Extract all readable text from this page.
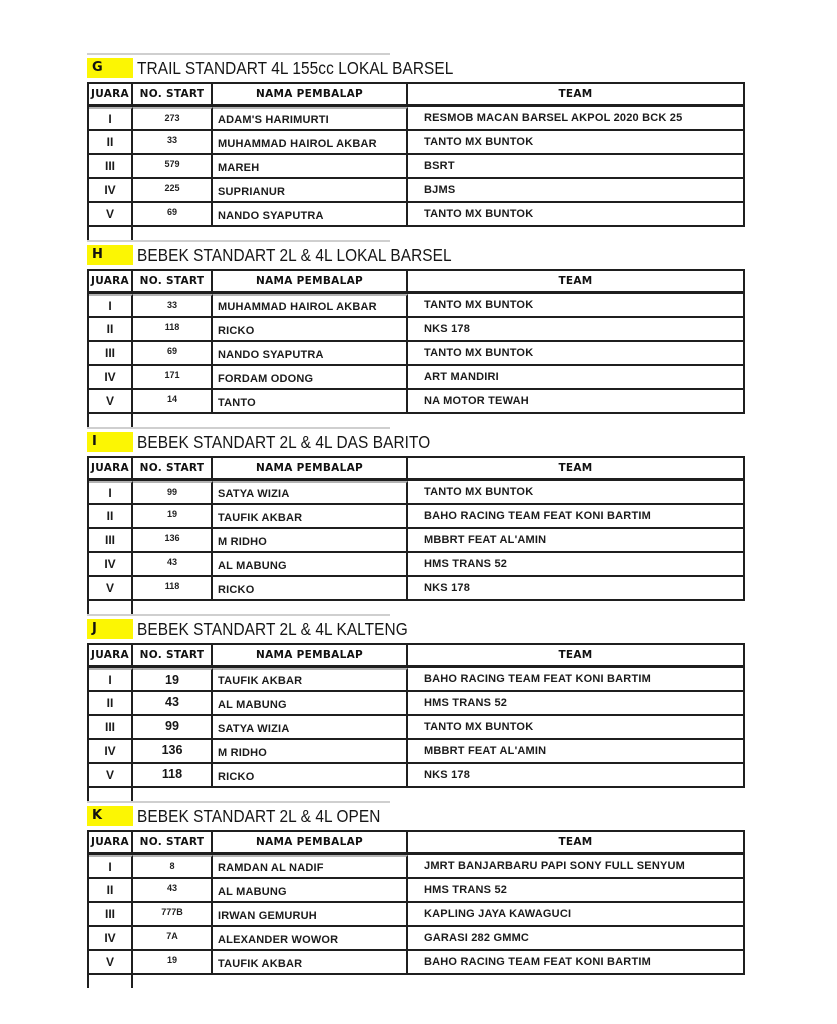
G	TRAIL STANDART 4L 155cc LOKAL BARSEL
JUARA	NO. START	NAMA PEMBALAP	TEAM
I	273	ADAM'S HARIMURTI	RESMOB MACAN BARSEL AKPOL 2020 BCK 25
II	33	MUHAMMAD HAIROL AKBAR	TANTO MX BUNTOK
III	579	MAREH	BSRT
IV	225	SUPRIANUR	BJMS
V	69	NANDO SYAPUTRA	TANTO MX BUNTOK
H	BEBEK STANDART 2L & 4L LOKAL BARSEL
JUARA	NO. START	NAMA PEMBALAP	TEAM
I	33	MUHAMMAD HAIROL AKBAR	TANTO MX BUNTOK
II	118	RICKO	NKS 178
III	69	NANDO SYAPUTRA	TANTO MX BUNTOK
IV	171	FORDAM ODONG	ART MANDIRI
V	14	TANTO	NA MOTOR TEWAH
I	BEBEK STANDART 2L & 4L DAS BARITO
JUARA	NO. START	NAMA PEMBALAP	TEAM
I	99	SATYA WIZIA	TANTO MX BUNTOK
II	19	TAUFIK AKBAR	BAHO RACING TEAM FEAT KONI BARTIM
III	136	M RIDHO	MBBRT FEAT AL'AMIN
IV	43	AL MABUNG	HMS TRANS 52
V	118	RICKO	NKS 178
J	BEBEK STANDART 2L & 4L KALTENG
JUARA	NO. START	NAMA PEMBALAP	TEAM
I	19	TAUFIK AKBAR	BAHO RACING TEAM FEAT KONI BARTIM
II	43	AL MABUNG	HMS TRANS 52
III	99	SATYA WIZIA	TANTO MX BUNTOK
IV	136	M RIDHO	MBBRT FEAT AL'AMIN
V	118	RICKO	NKS 178
K	BEBEK STANDART 2L & 4L OPEN
JUARA	NO. START	NAMA PEMBALAP	TEAM
I	8	RAMDAN AL NADIF	JMRT BANJARBARU PAPI SONY FULL SENYUM
II	43	AL MABUNG	HMS TRANS 52
III	777B	IRWAN GEMURUH	KAPLING JAYA KAWAGUCI
IV	7A	ALEXANDER WOWOR	GARASI 282 GMMC
V	19	TAUFIK AKBAR	BAHO RACING TEAM FEAT KONI BARTIM
